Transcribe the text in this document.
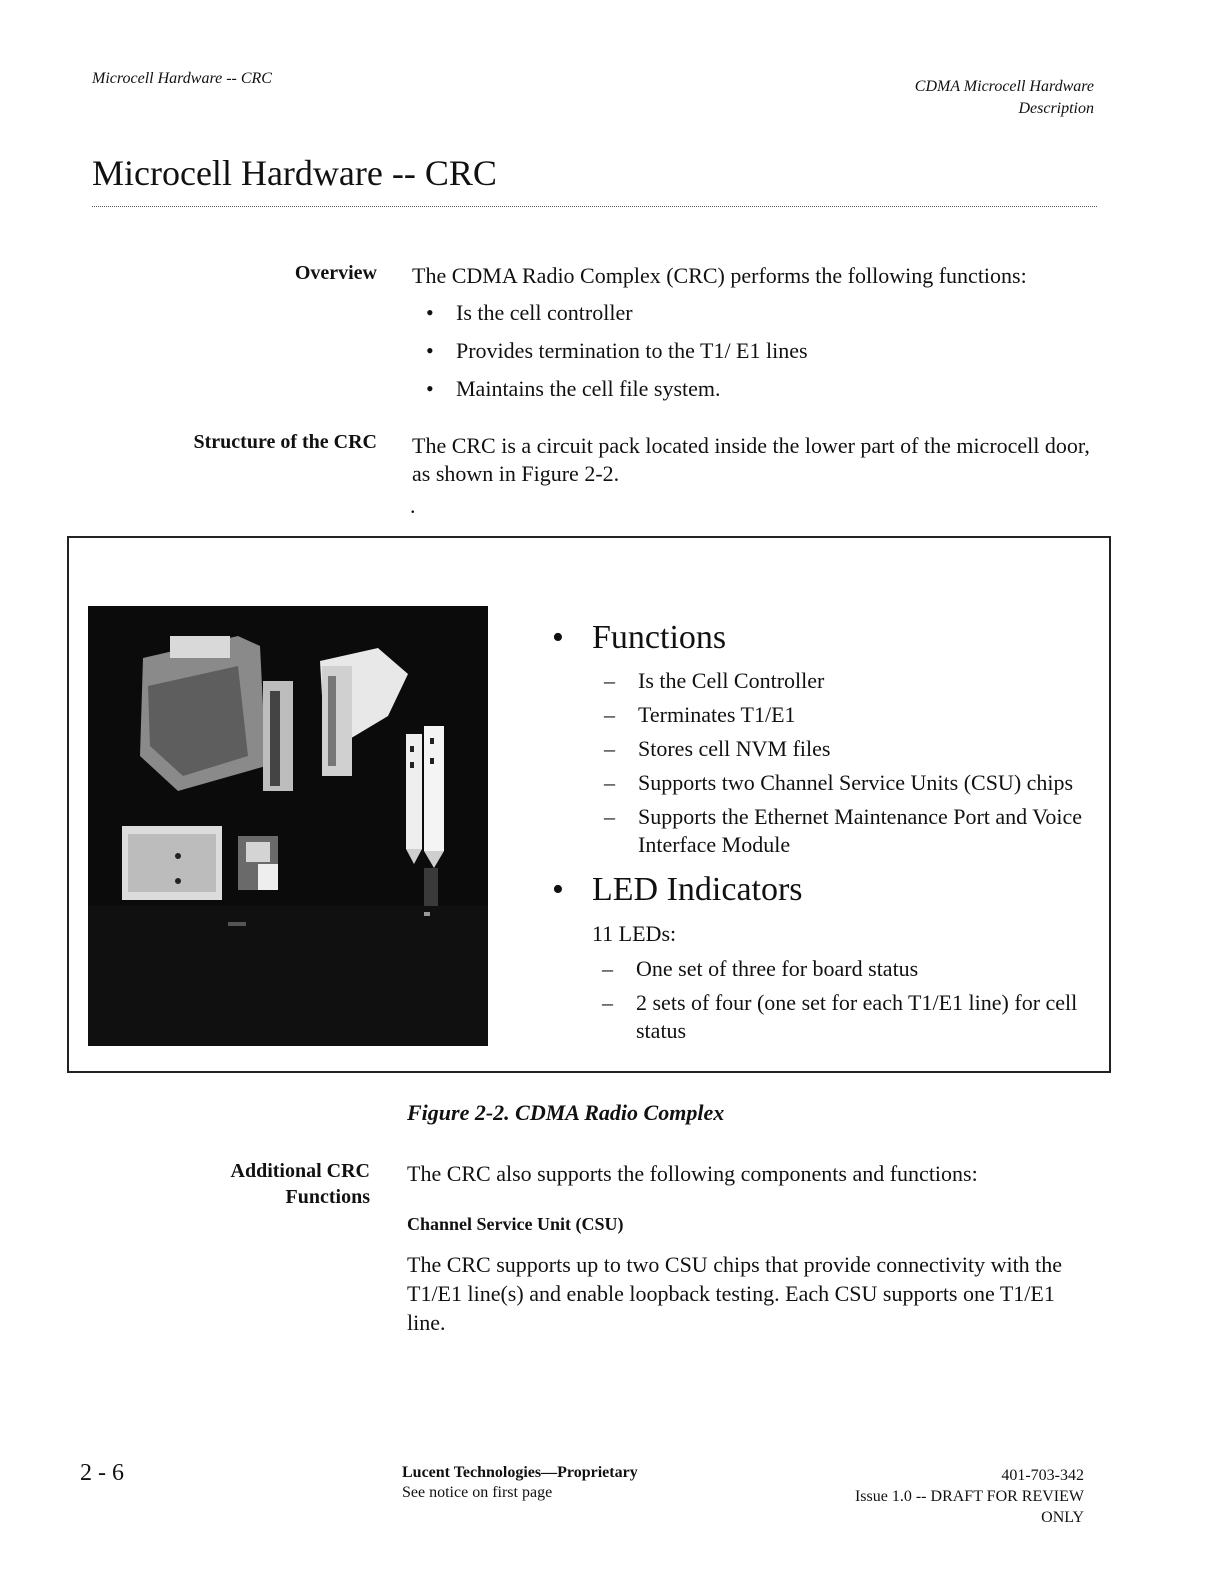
Microcell Hardware -- CRC	CDMA Microcell Hardware
Description
Microcell Hardware -- CRC
Overview The CDMA Radio Complex (CRC) performs the following functions:
• Is the cell controller
• Provides termination to the T1/ E1 lines
• Maintains the cell file system.
Structure of the CRC The CRC is a circuit pack located inside the lower part of the microcell door, as shown in Figure 2-2.
.
• Functions
– Is the Cell Controller
– Terminates T1/E1
– Stores cell NVM files
– Supports two Channel Service Units (CSU) chips
– Supports the Ethernet Maintenance Port and Voice Interface Module
• LED Indicators
11 LEDs:
– One set of three for board status
– 2 sets of four (one set for each T1/E1 line) for cell status
Figure 2-2. CDMA Radio Complex
Additional CRC
Functions
The CRC also supports the following components and functions:
Channel Service Unit (CSU)
The CRC supports up to two CSU chips that provide connectivity with the T1/E1 line(s) and enable loopback testing. Each CSU supports one T1/E1 line.
2 - 6	Lucent Technologies—Proprietary
See notice on first page
401-703-342
Issue 1.0 -- DRAFT FOR REVIEW
ONLY
